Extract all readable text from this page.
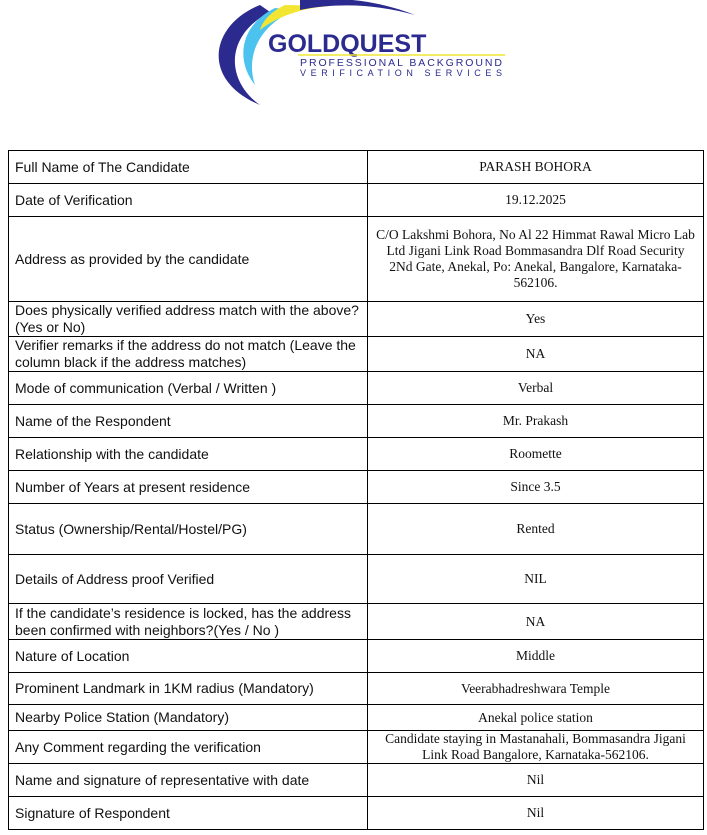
GOLDQUEST
PROFESSIONAL BACKGROUND
VERIFICATION SERVICES
Full Name of The Candidate	PARASH BOHORA
Date of Verification	19.12.2025
Address as provided by the candidate	C/O Lakshmi Bohora, No Al 22 Himmat Rawal Micro Lab Ltd Jigani Link Road Bommasandra Dlf Road Security 2Nd Gate, Anekal, Po: Anekal, Bangalore, Karnataka-562106.
Does physically verified address match with the above? (Yes or No)	Yes
Verifier remarks if the address do not match (Leave the column black if the address matches)	NA
Mode of communication (Verbal / Written )	Verbal
Name of the Respondent	Mr. Prakash
Relationship with the candidate	Roomette
Number of Years at present residence	Since 3.5
Status (Ownership/Rental/Hostel/PG)	Rented
Details of Address proof Verified	NIL
If the candidate’s residence is locked, has the address been confirmed with neighbors?(Yes / No )	NA
Nature of Location	Middle
Prominent Landmark in 1KM radius (Mandatory)	Veerabhadreshwara Temple
Nearby Police Station (Mandatory)	Anekal police station
Any Comment regarding the verification	Candidate staying in Mastanahali, Bommasandra Jigani Link Road Bangalore, Karnataka-562106.
Name and signature of representative with date	Nil
Signature of Respondent	Nil
